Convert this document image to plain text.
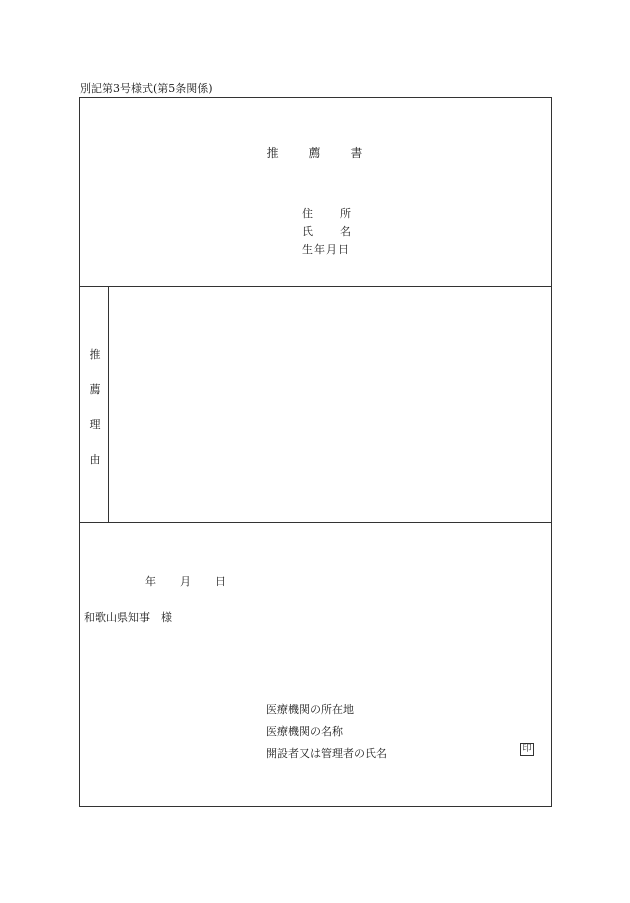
別記第3号様式(第5条関係)
推 薦 書
住 所
氏 名
生年月日
推
薦
理
由
年 月 日
和歌山県知事　様
医療機関の所在地
医療機関の名称
開設者又は管理者の氏名	印
